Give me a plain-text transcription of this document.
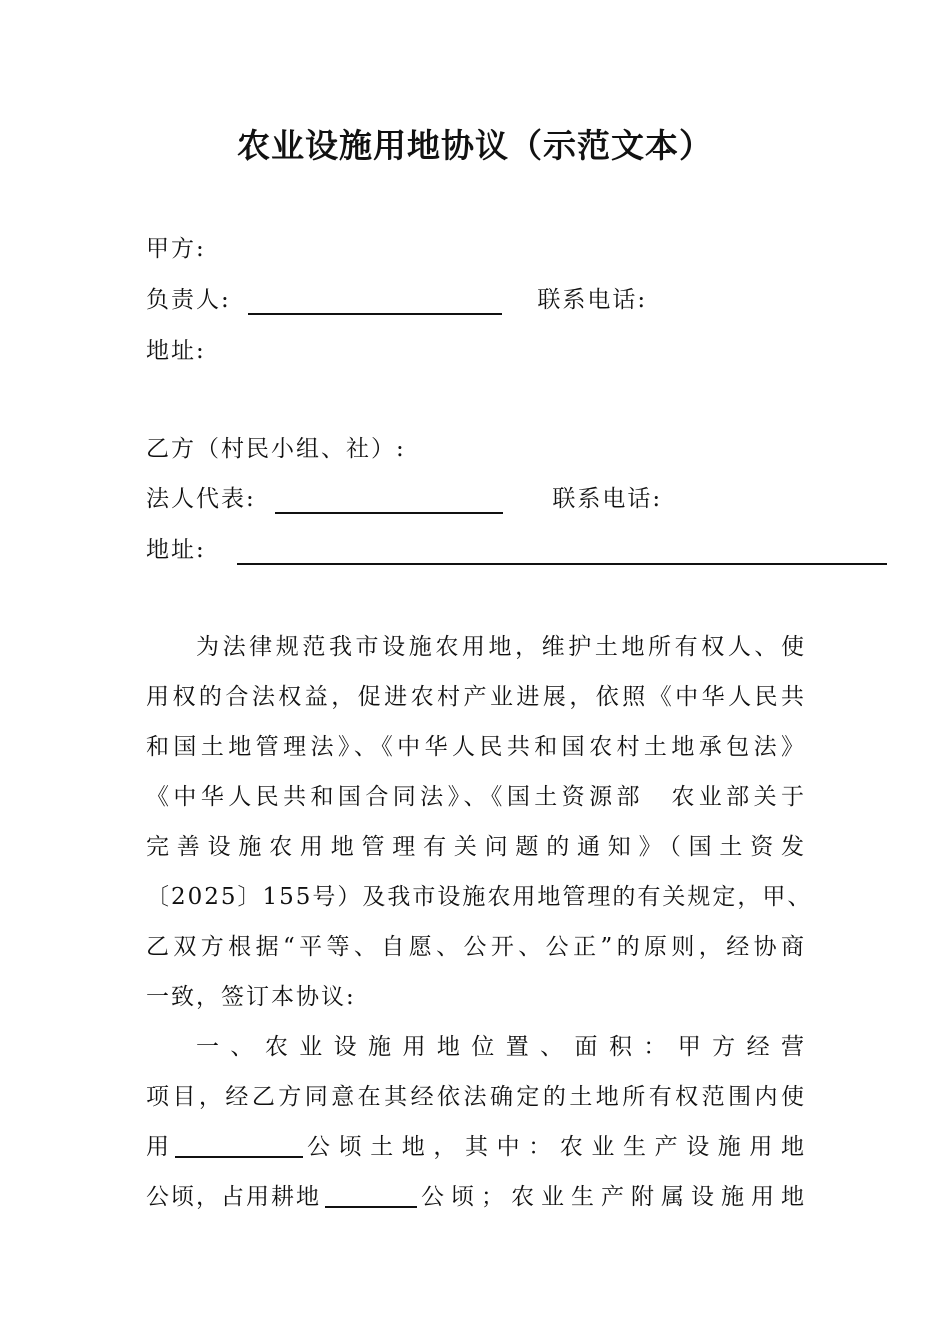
农业设施用地协议（示范文本）
甲方:
负责人:	联系电话:
地址:
乙方（村民小组、社）:
法人代表:	联系电话:
地址:
为法律规范我市设施农用地，维护土地所有权人、使
用权的合法权益，促进农村产业进展，依照《中华人民共
和国土地管理法》、《中华人民共和国农村土地承包法》
《中华人民共和国合同法》、《国土资源部　农业部关于
完善设施农用地管理有关问题的通知》（国土资发
〔2025〕155号）及我市设施农用地管理的有关规定，甲、
乙双方根据“平等、自愿、公开、公正”的原则，经协商
一致，签订本协议:
一、农业设施用地位置、面积：甲方经营
项目，经乙方同意在其经依法确定的土地所有权范围内使
用	公顷土地，其中：农业生产设施用地
公顷，占用耕地	公顷；农业生产附属设施用地
